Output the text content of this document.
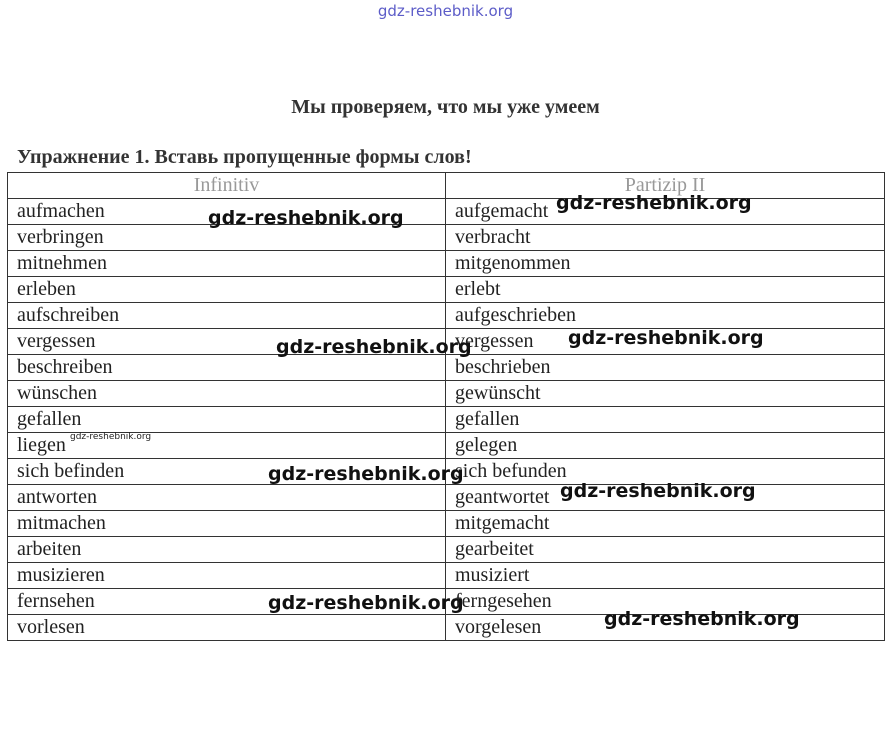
gdz-reshebnik.org
Мы проверяем, что мы уже умеем
Упражнение 1. Вставь пропущенные формы слов!
Infinitiv	Partizip II
aufmachen	aufgemacht
verbringen	verbracht
mitnehmen	mitgenommen
erleben	erlebt
aufschreiben	aufgeschrieben
vergessen	vergessen
beschreiben	beschrieben
wünschen	gewünscht
gefallen	gefallen
liegen	gelegen
sich befinden	sich befunden
antworten	geantwortet
mitmachen	mitgemacht
arbeiten	gearbeitet
musizieren	musiziert
fernsehen	ferngesehen
vorlesen	vorgelesen
gdz-reshebnik.org
gdz-reshebnik.org
gdz-reshebnik.org	gdz-reshebnik.org
gdz-reshebnik.org
gdz-reshebnik.org
gdz-reshebnik.org
gdz-reshebnik.org
gdz-reshebnik.org
